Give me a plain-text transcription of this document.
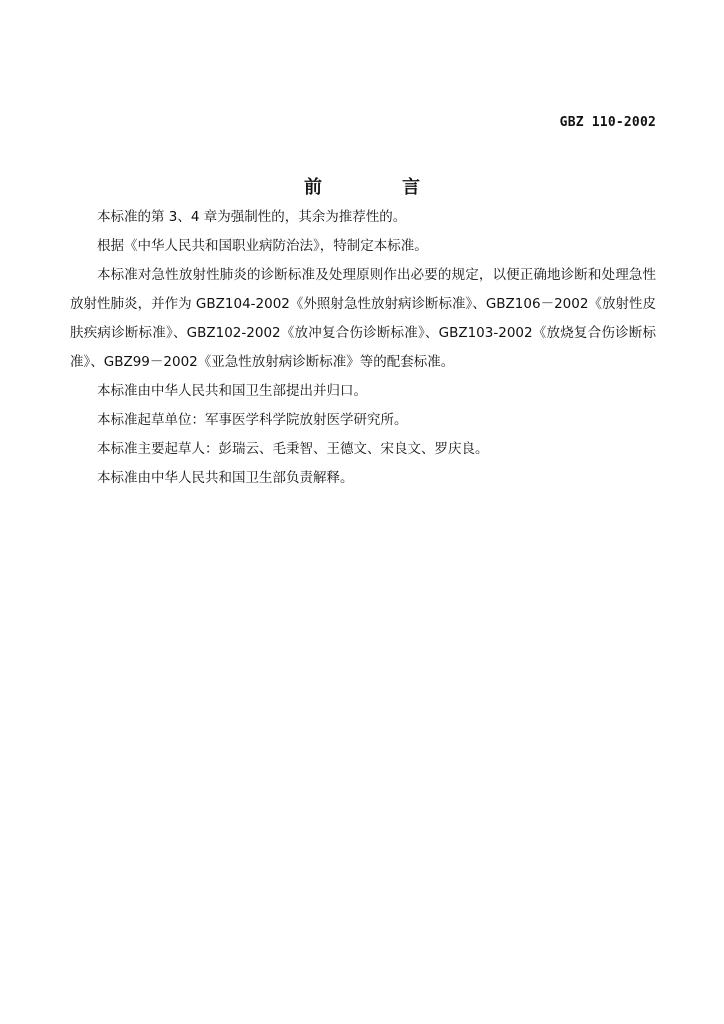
GBZ 110-2002
前	言

本标准的第 3、4 章为强制性的，其余为推荐性的。

根据《中华人民共和国职业病防治法》，特制定本标准。

本标准对急性放射性肺炎的诊断标准及处理原则作出必要的规定，以便正确地诊断和处理急性放射性肺炎，并作为 GBZ104-2002《外照射急性放射病诊断标准》、GBZ106－2002《放射性皮肤疾病诊断标准》、GBZ102-2002《放冲复合伤诊断标准》、GBZ103-2002《放烧复合伤诊断标准》、GBZ99－2002《亚急性放射病诊断标准》等的配套标准。

本标准由中华人民共和国卫生部提出并归口。

本标准起草单位：军事医学科学院放射医学研究所。

本标准主要起草人：彭瑞云、毛秉智、王德文、宋良文、罗庆良。

本标准由中华人民共和国卫生部负责解释。
